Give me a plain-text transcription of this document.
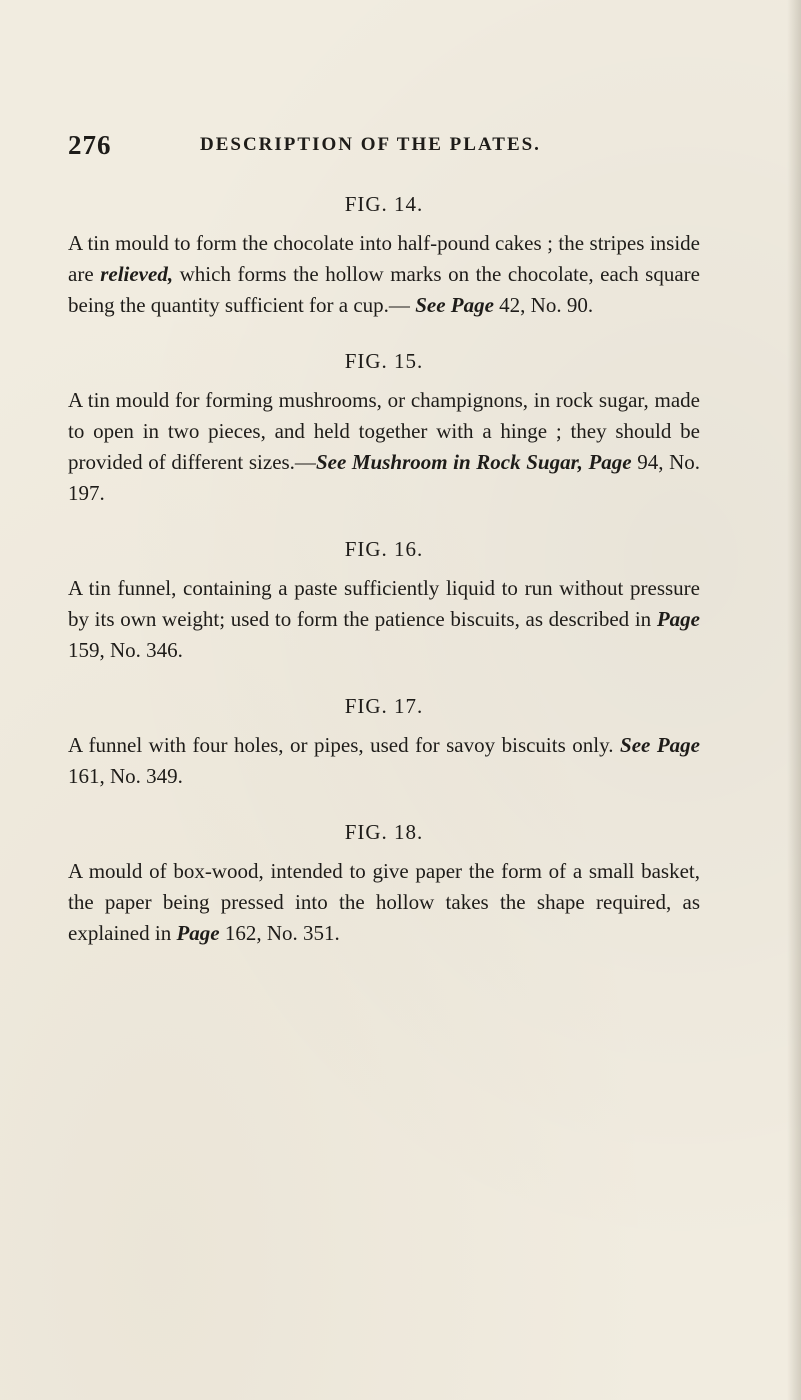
276	DESCRIPTION OF THE PLATES.
FIG. 14.

A tin mould to form the chocolate into half-pound cakes ; the stripes inside are relieved, which forms the hollow marks on the chocolate, each square being the quantity sufficient for a cup.— See Page 42, No. 90.

FIG. 15.

A tin mould for forming mushrooms, or champignons, in rock sugar, made to open in two pieces, and held together with a hinge ; they should be provided of different sizes.—See Mushroom in Rock Sugar, Page 94, No. 197.

FIG. 16.

A tin funnel, containing a paste sufficiently liquid to run without pressure by its own weight; used to form the patience biscuits, as described in Page 159, No. 346.

FIG. 17.

A funnel with four holes, or pipes, used for savoy biscuits only. See Page 161, No. 349.

FIG. 18.

A mould of box-wood, intended to give paper the form of a small basket, the paper being pressed into the hollow takes the shape required, as explained in Page 162, No. 351.
